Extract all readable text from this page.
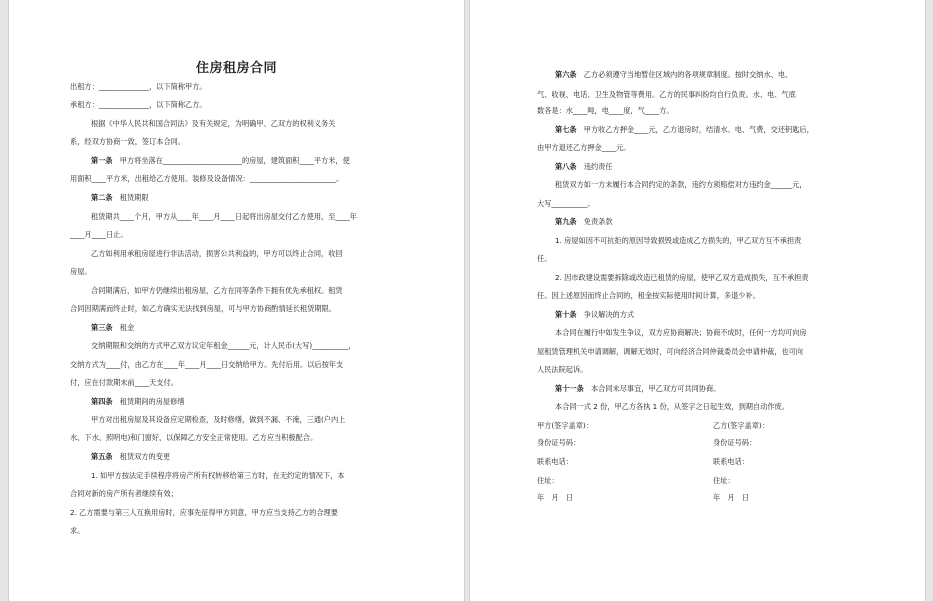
住房租房合同
出租方：______________，以下简称甲方。
承租方：______________，以下简称乙方。
根据《中华人民共和国合同法》及有关规定，为明确甲、乙双方的权利义务关
系，经双方协商一致，签订本合同。
第一条　甲方将坐落在______________________的房屋，建筑面积____平方米，使
用面积____平方米，出租给乙方使用。装修及设备情况：________________________。
第二条　租赁期限
租赁期共____个月，甲方从____年____月____日起将出房屋交付乙方使用，至____年
____月____日止。
乙方如利用承租房屋进行非法活动，损害公共利益的，甲方可以终止合同，收回
房屋。
合同期满后，如甲方仍继续出租房屋，乙方在同等条件下拥有优先承租权。租赁
合同因期满而终止时，如乙方确实无法找到房屋，可与甲方协商酌情延长租赁期限。
第三条　租金
交纳期限和交纳的方式甲乙双方议定年租金______元，计人民币(大写)__________，
交纳方式为____付，由乙方在____年____月____日交纳给甲方。先付后用。以后按年支
付，应在付款期末前____天支付。
第四条　租赁期间的房屋修缮
甲方对出租房屋及其设备应定期检查，及时修缮，做到不漏、不淹，三通(户内上
水、下水、照明电)和门窗好，以保障乙方安全正常使用。乙方应当积极配合。
第五条　租赁双方的变更
1. 如甲方按法定手续程序将房产所有权转移给第三方时，在无约定的情况下，本
合同对新的房产所有者继续有效；
2. 乙方需要与第三人互换用房时，应事先征得甲方同意，甲方应当支持乙方的合理要
求。
第六条　乙方必须遵守当地暂住区域内的各项规章制度。按时交纳水、电、
气、收视、电话、卫生及物管等费用。乙方的民事纠纷均自行负责。水、电、气底
数各是：水____吨，电____度，气____方。
第七条　甲方收乙方押金____元，乙方退房时，结清水、电、气费，交还钥匙后，
由甲方退还乙方押金____元。
第八条　违约责任
租赁双方如一方未履行本合同约定的条款，违约方须赔偿对方违约金______元，
大写__________。
第九条　免责条款
1. 房屋如因不可抗拒的原因导致损毁或造成乙方损失的，甲乙双方互不承担责
任。
2. 因市政建设需要拆除或改造已租赁的房屋，使甲乙双方造成损失，互不承担责
任。因上述原因而终止合同的，租金按实际使用时间计算，多退少补。
第十条　争议解决的方式
本合同在履行中如发生争议，双方应协商解决；协商不成时，任何一方均可向房
屋租赁管理机关申请调解，调解无效时，可向经济合同仲裁委员会申请仲裁，也可向
人民法院起诉。
第十一条　本合同未尽事宜，甲乙双方可共同协商。
本合同一式 2 份，甲乙方各执 1 份，从签字之日起生效，到期自动作废。
甲方(签字盖章)：
身份证号码：
联系电话：
住址：
年　月　日
乙方(签字盖章)：
身份证号码：
联系电话：
住址：
年　月　日
